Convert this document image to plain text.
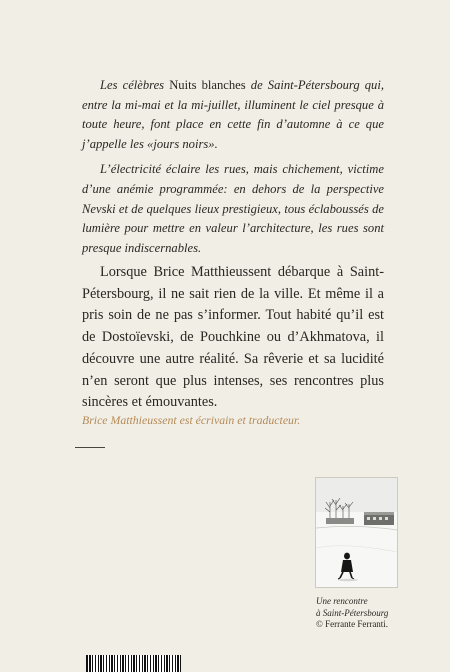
Les célèbres Nuits blanches de Saint-Pétersbourg qui, entre la mi-mai et la mi-juillet, illuminent le ciel presque à toute heure, font place en cette fin d’automne à ce que j’appelle les «jours noirs».

L’électricité éclaire les rues, mais chichement, victime d’une anémie programmée: en dehors de la perspective Nevski et de quelques lieux prestigieux, tous éclaboussés de lumière pour mettre en valeur l’architecture, les rues sont presque indiscernables.

Lorsque Brice Matthieussent débarque à Saint-Pétersbourg, il ne sait rien de la ville. Et même il a pris soin de ne pas s’informer. Tout habité qu’il est de Dostoïevski, de Pouchkine ou d’Akhmatova, il découvre une autre réalité. Sa rêverie et sa lucidité n’en seront que plus intenses, ses rencontres plus sincères et émouvantes.

Brice Matthieussent est écrivain et traducteur.

Une rencontre
à Saint-Pétersbourg
© Ferrante Ferranti.
